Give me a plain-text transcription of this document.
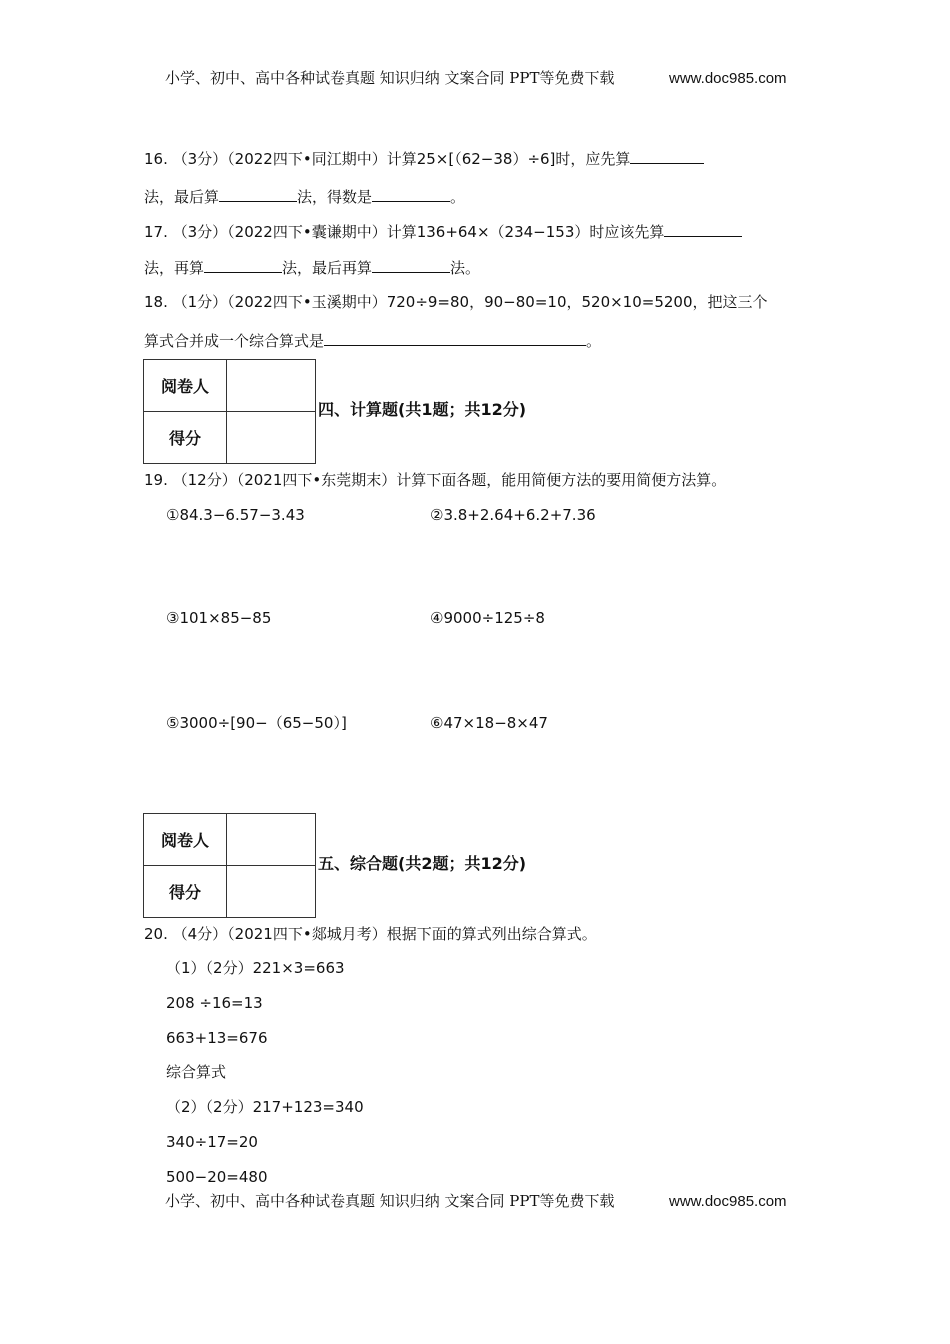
小学、初中、高中各种试卷真题 知识归纳 文案合同 PPT等免费下载	www.doc985.com
16. （3分）（2022四下•同江期中）计算25×[（62−38）÷6]时，应先算
法，最后算	法，得数是	。
17. （3分）（2022四下•囊谦期中）计算136+64×（234−153）时应该先算
法，再算	法，最后再算	法。
18. （1分）（2022四下•玉溪期中）720÷9=80，90−80=10，520×10=5200，把这三个
算式合并成一个综合算式是	。
阅卷人	
得分	
四、计算题(共1题；共12分)
19. （12分）（2021四下•东莞期末）计算下面各题，能用简便方法的要用简便方法算。
①84.3−6.57−3.43	②3.8+2.64+6.2+7.36
③101×85−85	④9000÷125÷8
⑤3000÷[90−（65−50）]	⑥47×18−8×47
阅卷人	
得分	
五、综合题(共2题；共12分)
20. （4分）（2021四下•郯城月考）根据下面的算式列出综合算式。
（1）（2分）221×3=663
208 ÷16=13
663+13=676
综合算式
（2）（2分）217+123=340
340÷17=20
500−20=480
小学、初中、高中各种试卷真题 知识归纳 文案合同 PPT等免费下载	www.doc985.com
